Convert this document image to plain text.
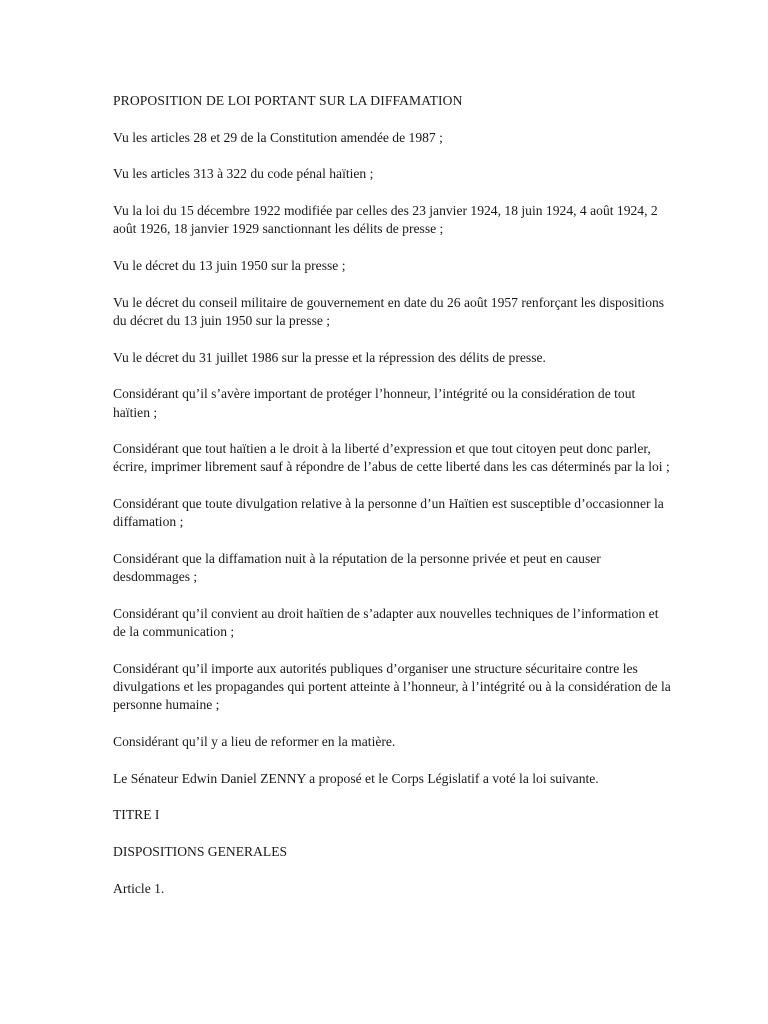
PROPOSITION DE LOI PORTANT SUR LA DIFFAMATION

Vu les articles 28 et 29 de la Constitution amendée de 1987 ;

Vu les articles 313 à 322 du code pénal haïtien ;

Vu la loi du 15 décembre 1922 modifiée par celles des 23 janvier 1924, 18 juin 1924, 4 août 1924, 2 août 1926, 18 janvier 1929 sanctionnant les délits de presse ;

Vu le décret du 13 juin 1950 sur la presse ;

Vu le décret du conseil militaire de gouvernement en date du 26 août 1957 renforçant les dispositions du décret du 13 juin 1950 sur la presse ;

Vu le décret du 31 juillet 1986 sur la presse et la répression des délits de presse.

Considérant qu’il s’avère important de protéger l’honneur, l’intégrité ou la considération de tout haïtien ;

Considérant que tout haïtien a le droit à la liberté d’expression et que tout citoyen peut donc parler, écrire, imprimer librement sauf à répondre de l’abus de cette liberté dans les cas déterminés par la loi ;

Considérant que toute divulgation relative à la personne d’un Haïtien est susceptible d’occasionner la diffamation ;

Considérant que la diffamation nuit à la réputation de la personne privée et peut en causer desdommages ;

Considérant qu’il convient au droit haïtien de s’adapter aux nouvelles techniques de l’information et de la communication ;

Considérant qu’il importe aux autorités publiques d’organiser une structure sécuritaire contre les divulgations et les propagandes qui portent atteinte à l’honneur, à l’intégrité ou à la considération de la personne humaine ;

Considérant qu’il y a lieu de reformer en la matière.

Le Sénateur Edwin Daniel ZENNY a proposé et le Corps Législatif a voté la loi suivante.

TITRE I

DISPOSITIONS GENERALES

Article 1.
